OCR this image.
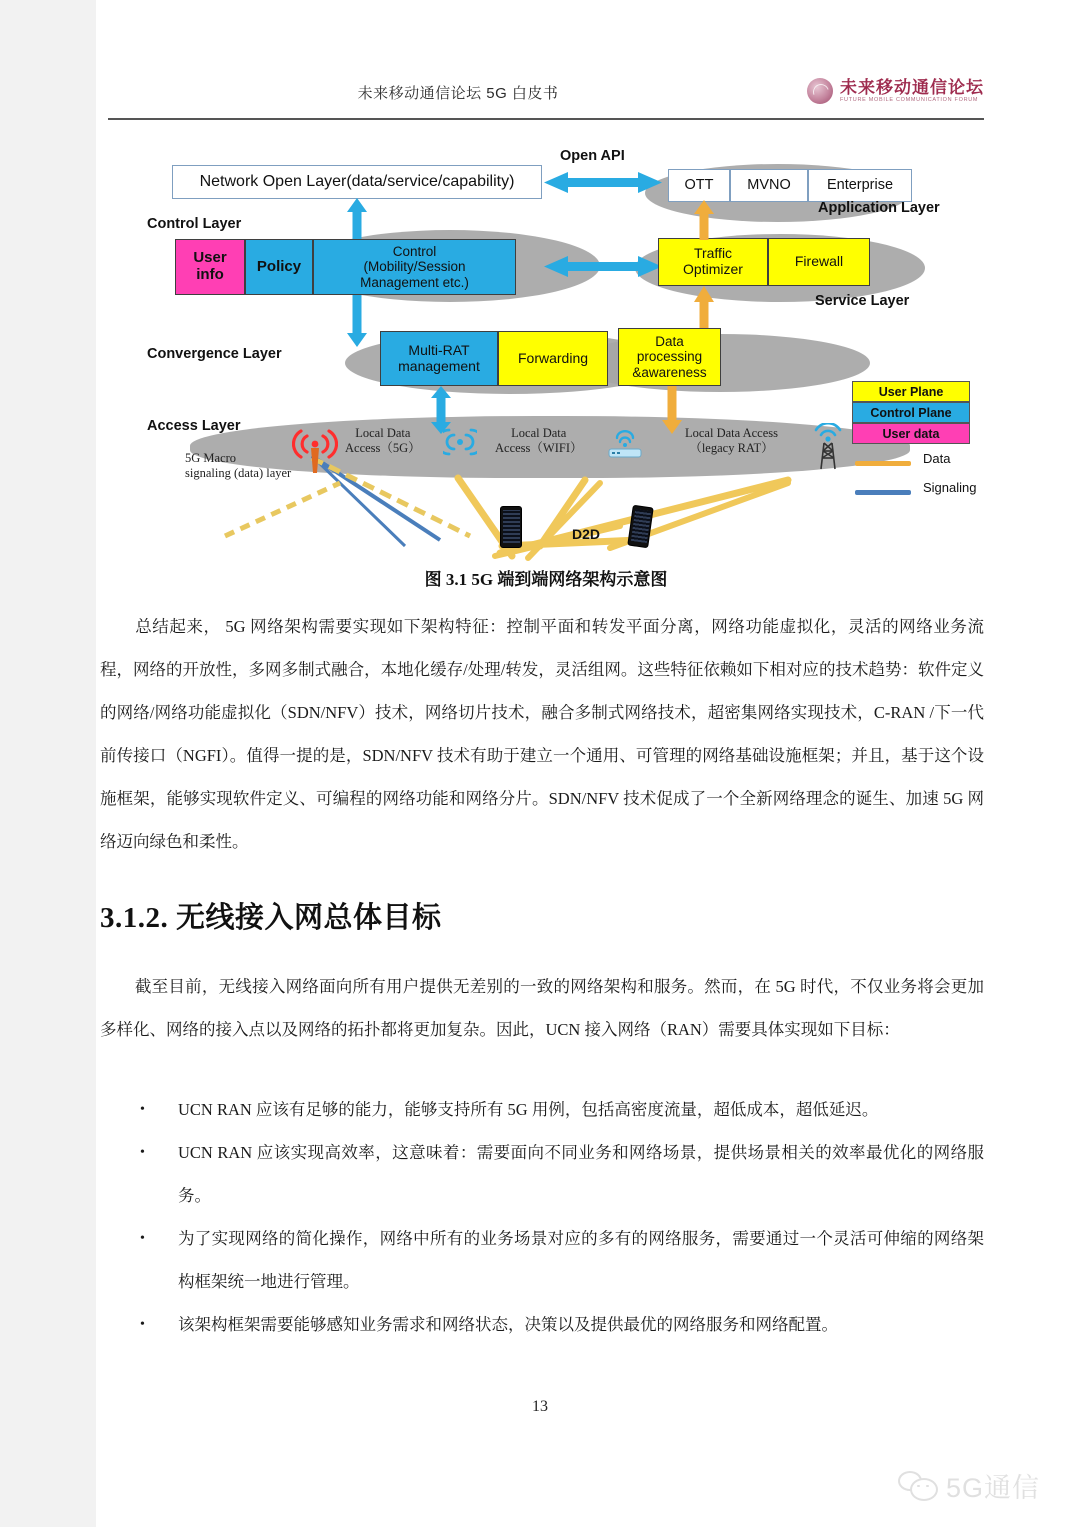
未来移动通信论坛 5G 白皮书	未来移动通信论坛
FUTURE MOBILE COMMUNICATION FORUM
Network Open Layer(data/service/capability)
Open API
Control Layer
User
info Policy
Control
(Mobility/Session
Management etc.)
OTT MVNO Enterprise
Application Layer
Traffic
Optimizer	Firewall
Service Layer
Convergence Layer	Multi-RAT
management	Forwarding
Data
processing
&awareness
Access Layer
5G Macro
signaling (data) layer
Local Data
Access（5G）
Local Data
Access（WIFI）
Local Data Access
（legacy RAT）
D2D
User Plane
Control Plane
User data
Data
Signaling
图 3.1 5G 端到端网络架构示意图
总结起来， 5G 网络架构需要实现如下架构特征：控制平面和转发平面分离，网络功能虚拟化，灵活的网络业务流程，网络的开放性，多网多制式融合，本地化缓存/处理/转发，灵活组网。这些特征依赖如下相对应的技术趋势：软件定义的网络/网络功能虚拟化（SDN/NFV）技术，网络切片技术，融合多制式网络技术，超密集网络实现技术，C-RAN /下一代前传接口（NGFI）。值得一提的是，SDN/NFV 技术有助于建立一个通用、可管理的网络基础设施框架；并且，基于这个设施框架，能够实现软件定义、可编程的网络功能和网络分片。SDN/NFV 技术促成了一个全新网络理念的诞生、加速 5G 网络迈向绿色和柔性。
3.1.2. 无线接入网总体目标
截至目前，无线接入网络面向所有用户提供无差别的一致的网络架构和服务。然而，在 5G 时代，不仅业务将会更加多样化、网络的接入点以及网络的拓扑都将更加复杂。因此，UCN 接入网络（RAN）需要具体实现如下目标：
• UCN RAN 应该有足够的能力，能够支持所有 5G 用例，包括高密度流量，超低成本，超低延迟。
• UCN RAN 应该实现高效率，这意味着：需要面向不同业务和网络场景，提供场景相关的效率最优化的网络服务。
• 为了实现网络的简化操作，网络中所有的业务场景对应的多有的网络服务，需要通过一个灵活可伸缩的网络架构框架统一地进行管理。
• 该架构框架需要能够感知业务需求和网络状态，决策以及提供最优的网络服务和网络配置。
13
5G通信
